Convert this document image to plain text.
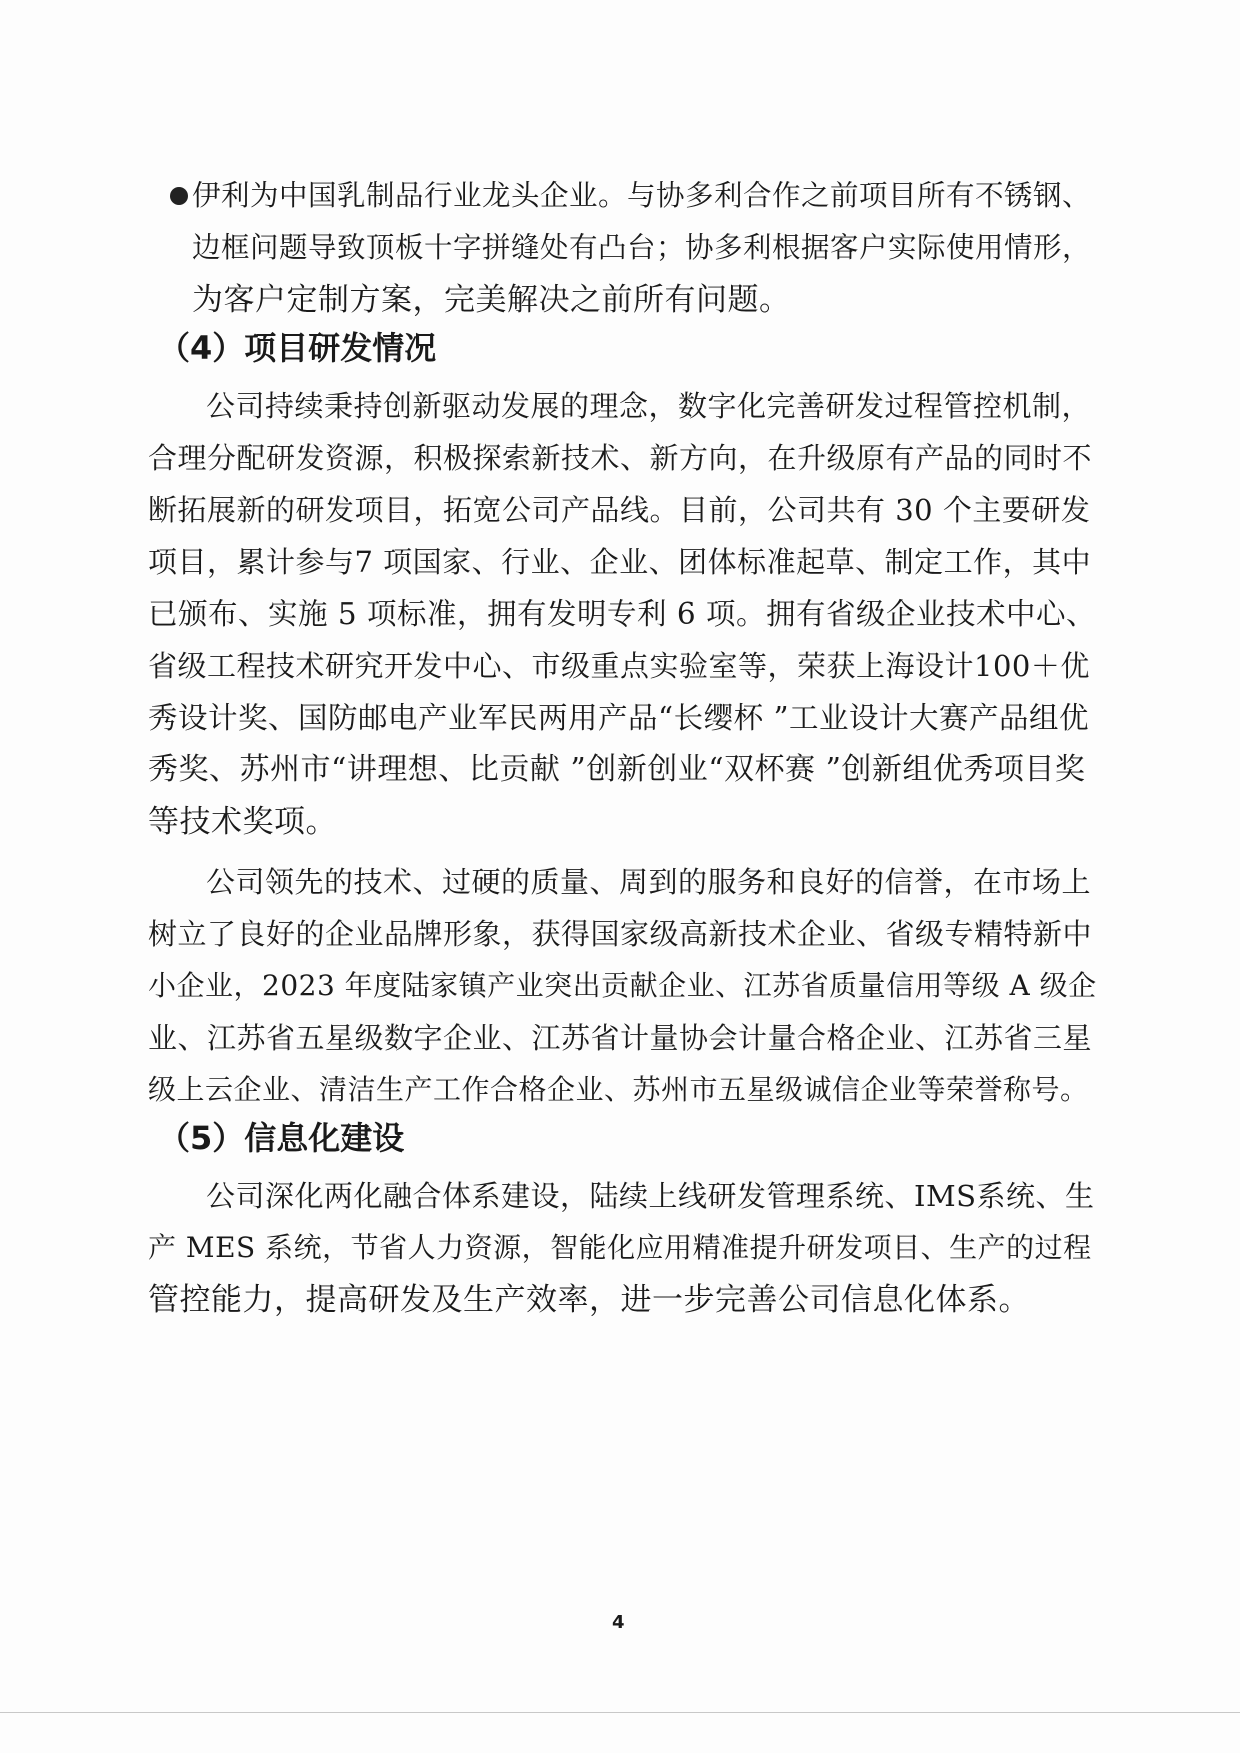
伊利为中国乳制品行业龙头企业。与协多利合作之前项目所有不锈钢、
边框问题导致顶板十字拼缝处有凸台；协多利根据客户实际使用情形，
为客户定制方案，完美解决之前所有问题。
（4）项目研发情况
公司持续秉持创新驱动发展的理念，数字化完善研发过程管控机制，
合理分配研发资源，积极探索新技术、新方向，在升级原有产品的同时不
断拓展新的研发项目，拓宽公司产品线。目前，公司共有 30 个主要研发
项目，累计参与7 项国家、行业、企业、团体标准起草、制定工作，其中
已颁布、实施 5 项标准，拥有发明专利 6 项。拥有省级企业技术中心、
省级工程技术研究开发中心、市级重点实验室等，荣获上海设计100＋优
秀设计奖、国防邮电产业军民两用产品“长缨杯 ”工业设计大赛产品组优
秀奖、苏州市“讲理想、比贡献 ”创新创业“双杯赛 ”创新组优秀项目奖
等技术奖项。
公司领先的技术、过硬的质量、周到的服务和良好的信誉，在市场上
树立了良好的企业品牌形象，获得国家级高新技术企业、省级专精特新中
小企业，2023 年度陆家镇产业突出贡献企业、江苏省质量信用等级 A 级企
业、江苏省五星级数字企业、江苏省计量协会计量合格企业、江苏省三星
级上云企业、清洁生产工作合格企业、苏州市五星级诚信企业等荣誉称号。
（5）信息化建设
公司深化两化融合体系建设，陆续上线研发管理系统、IMS系统、生
产 MES 系统，节省人力资源，智能化应用精准提升研发项目、生产的过程
管控能力，提高研发及生产效率，进一步完善公司信息化体系。
4
